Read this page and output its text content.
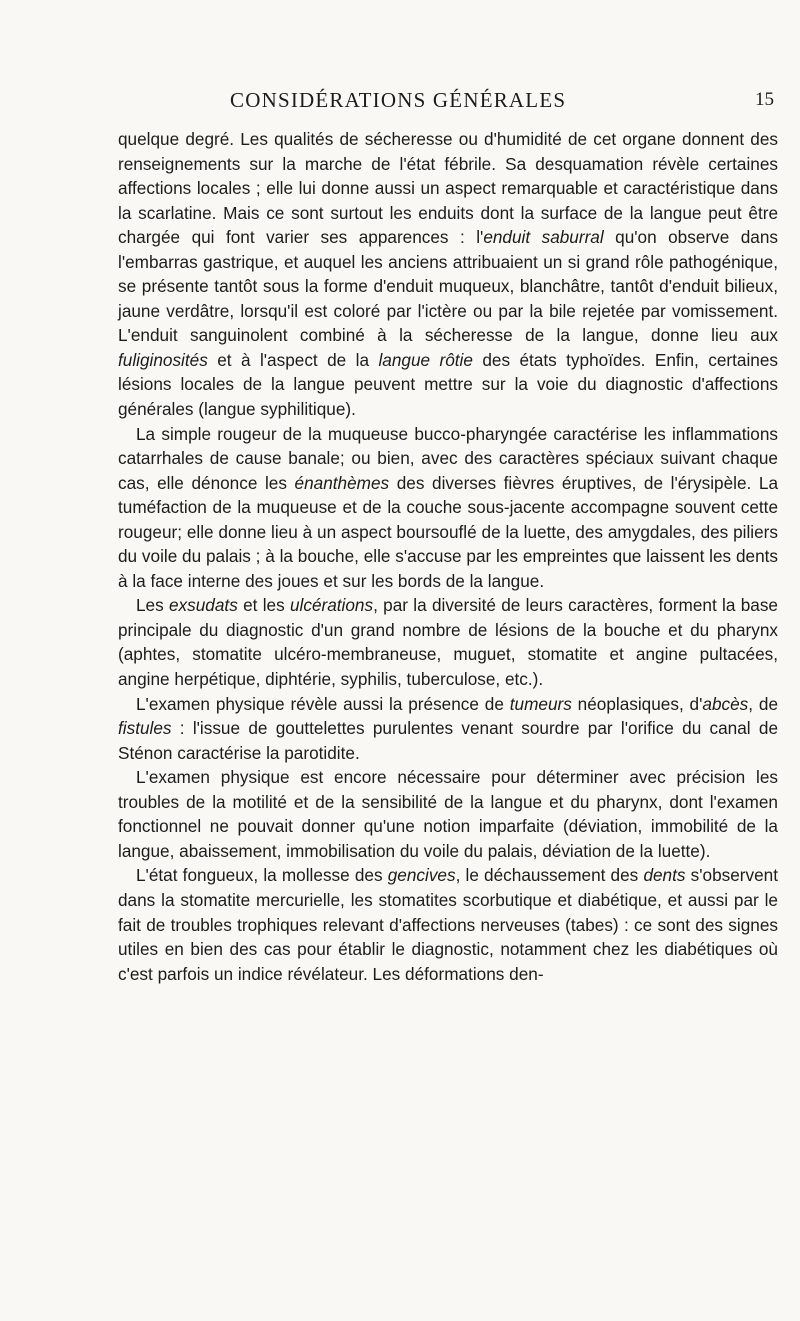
CONSIDÉRATIONS GÉNÉRALES	15

quelque degré. Les qualités de sécheresse ou d'humidité de cet organe donnent des renseignements sur la marche de l'état fébrile. Sa desquamation révèle certaines affections locales ; elle lui donne aussi un aspect remarquable et caractéristique dans la scarlatine. Mais ce sont surtout les enduits dont la surface de la langue peut être chargée qui font varier ses apparences : l'enduit saburral qu'on observe dans l'embarras gastrique, et auquel les anciens attribuaient un si grand rôle pathogénique, se présente tantôt sous la forme d'enduit muqueux, blanchâtre, tantôt d'enduit bilieux, jaune verdâtre, lorsqu'il est coloré par l'ictère ou par la bile rejetée par vomissement. L'enduit sanguinolent combiné à la sécheresse de la langue, donne lieu aux fuliginosités et à l'aspect de la langue rôtie des états typhoïdes. Enfin, certaines lésions locales de la langue peuvent mettre sur la voie du diagnostic d'affections générales (langue syphilitique).

La simple rougeur de la muqueuse bucco-pharyngée caractérise les inflammations catarrhales de cause banale; ou bien, avec des caractères spéciaux suivant chaque cas, elle dénonce les énanthèmes des diverses fièvres éruptives, de l'érysipèle. La tuméfaction de la muqueuse et de la couche sous-jacente accompagne souvent cette rougeur; elle donne lieu à un aspect boursouflé de la luette, des amygdales, des piliers du voile du palais ; à la bouche, elle s'accuse par les empreintes que laissent les dents à la face interne des joues et sur les bords de la langue.

Les exsudats et les ulcérations, par la diversité de leurs caractères, forment la base principale du diagnostic d'un grand nombre de lésions de la bouche et du pharynx (aphtes, stomatite ulcéro-membraneuse, muguet, stomatite et angine pultacées, angine herpétique, diphtérie, syphilis, tuberculose, etc.).

L'examen physique révèle aussi la présence de tumeurs néoplasiques, d'abcès, de fistules : l'issue de gouttelettes purulentes venant sourdre par l'orifice du canal de Sténon caractérise la parotidite.

L'examen physique est encore nécessaire pour déterminer avec précision les troubles de la motilité et de la sensibilité de la langue et du pharynx, dont l'examen fonctionnel ne pouvait donner qu'une notion imparfaite (déviation, immobilité de la langue, abaissement, immobilisation du voile du palais, déviation de la luette).

L'état fongueux, la mollesse des gencives, le déchaussement des dents s'observent dans la stomatite mercurielle, les stomatites scorbutique et diabétique, et aussi par le fait de troubles trophiques relevant d'affections nerveuses (tabes) : ce sont des signes utiles en bien des cas pour établir le diagnostic, notamment chez les diabétiques où c'est parfois un indice révélateur. Les déformations den-
